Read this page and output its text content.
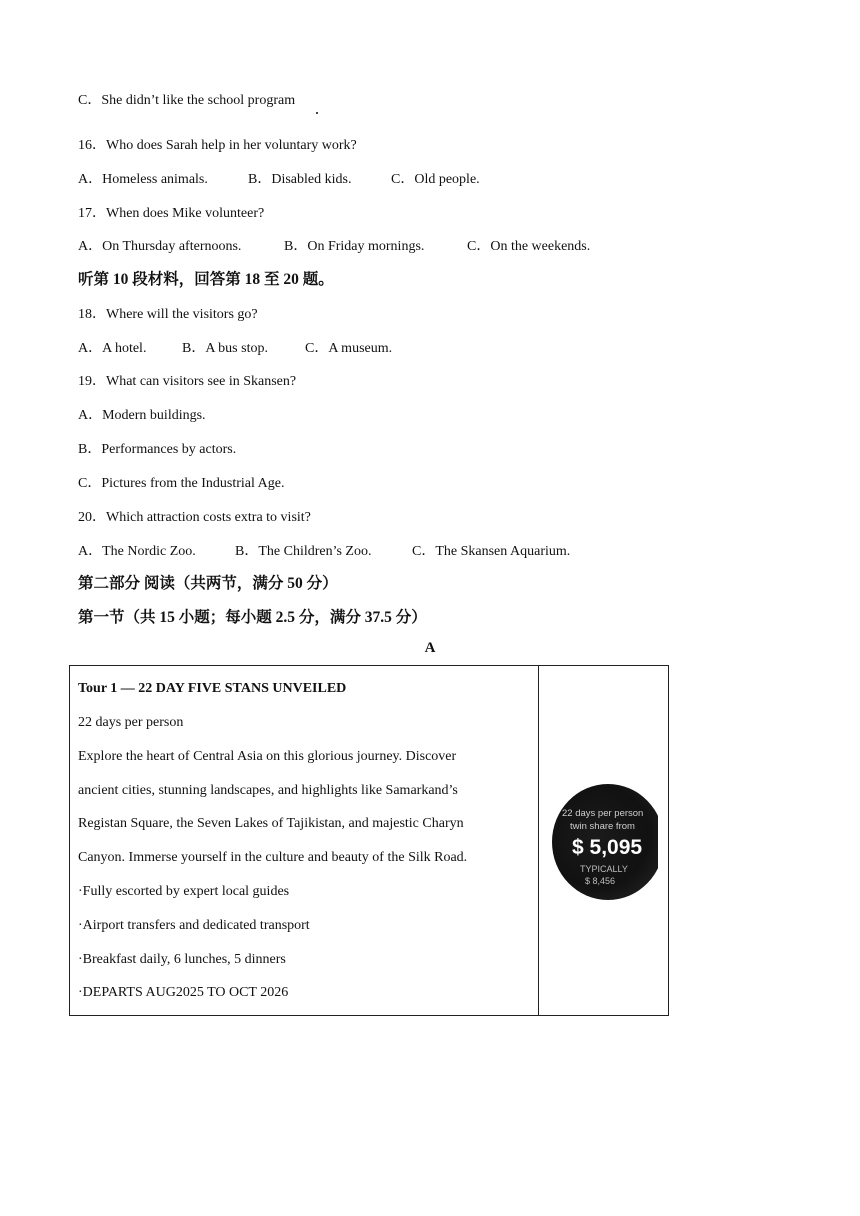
C．She didn’t like the school program
16．Who does Sarah help in her voluntary work?
A．Homeless animals.	B．Disabled kids.	C．Old people.
17．When does Mike volunteer?
A．On Thursday afternoons.	B．On Friday mornings.	C．On the weekends.
听第 10 段材料，回答第 18 至 20 题。
18．Where will the visitors go?
A．A hotel.	B．A bus stop.	C．A museum.
19．What can visitors see in Skansen?
A．Modern buildings.
B．Performances by actors.
C．Pictures from the Industrial Age.
20．Which attraction costs extra to visit?
A．The Nordic Zoo.	B．The Children’s Zoo.	C．The Skansen Aquarium.
第二部分 阅读（共两节，满分 50 分）
第一节（共 15 小题；每小题 2.5 分，满分 37.5 分）
A
Tour 1 — 22 DAY FIVE STANS UNVEILED
22 days per person
Explore the heart of Central Asia on this glorious journey. Discover
ancient cities, stunning landscapes, and highlights like Samarkand’s
Registan Square, the Seven Lakes of Tajikistan, and majestic Charyn
Canyon. Immerse yourself in the culture and beauty of the Silk Road.
·Fully escorted by expert local guides
·Airport transfers and dedicated transport
·Breakfast daily, 6 lunches, 5 dinners
·DEPARTS AUG2025 TO OCT 2026
22 days per person
twin share from
$ 5,095
TYPICALLY
$ 8,456
